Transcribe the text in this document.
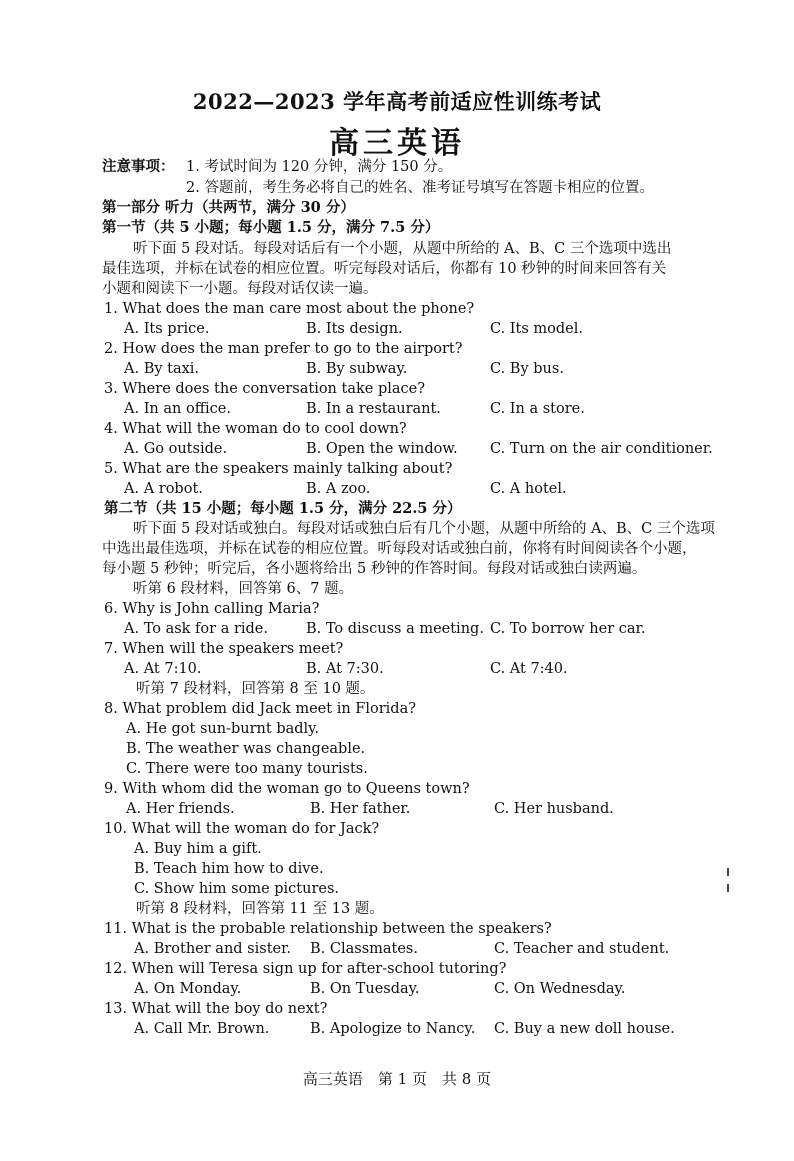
2022—2023 学年高考前适应性训练考试
高三英语
注意事项： 1. 考试时间为 120 分钟，满分 150 分。
2. 答题前，考生务必将自己的姓名、准考证号填写在答题卡相应的位置。
第一部分 听力（共两节，满分 30 分）
第一节（共 5 小题；每小题 1.5 分，满分 7.5 分）
听下面 5 段对话。每段对话后有一个小题，从题中所给的 A、B、C 三个选项中选出
最佳选项，并标在试卷的相应位置。听完每段对话后，你都有 10 秒钟的时间来回答有关
小题和阅读下一小题。每段对话仅读一遍。
1. What does the man care most about the phone?
A. Its price.	B. Its design.	C. Its model.
2. How does the man prefer to go to the airport?
A. By taxi.	B. By subway.	C. By bus.
3. Where does the conversation take place?
A. In an office.	B. In a restaurant.	C. In a store.
4. What will the woman do to cool down?
A. Go outside.	B. Open the window. C. Turn on the air conditioner.
5. What are the speakers mainly talking about?
A. A robot.	B. A zoo.	C. A hotel.
第二节（共 15 小题；每小题 1.5 分，满分 22.5 分）
听下面 5 段对话或独白。每段对话或独白后有几个小题，从题中所给的 A、B、C 三个选项
中选出最佳选项，并标在试卷的相应位置。听每段对话或独白前，你将有时间阅读各个小题，
每小题 5 秒钟；听完后，各小题将给出 5 秒钟的作答时间。每段对话或独白读两遍。
听第 6 段材料，回答第 6、7 题。
6. Why is John calling Maria?
A. To ask for a ride.	B. To discuss a meeting. C. To borrow her car.
7. When will the speakers meet?
A. At 7:10.	B. At 7:30.	C. At 7:40.
听第 7 段材料，回答第 8 至 10 题。
8. What problem did Jack meet in Florida?
A. He got sun-burnt badly.
B. The weather was changeable.
C. There were too many tourists.
9. With whom did the woman go to Queens town?
A. Her friends.	B. Her father.	C. Her husband.
10. What will the woman do for Jack?
A. Buy him a gift.
B. Teach him how to dive.
C. Show him some pictures.
听第 8 段材料，回答第 11 至 13 题。
11. What is the probable relationship between the speakers?
A. Brother and sister. B. Classmates.	C. Teacher and student.
12. When will Teresa sign up for after-school tutoring?
A. On Monday.	B. On Tuesday.	C. On Wednesday.
13. What will the boy do next?
A. Call Mr. Brown.	B. Apologize to Nancy. C. Buy a new doll house.
高三英语　第 1 页　共 8 页
